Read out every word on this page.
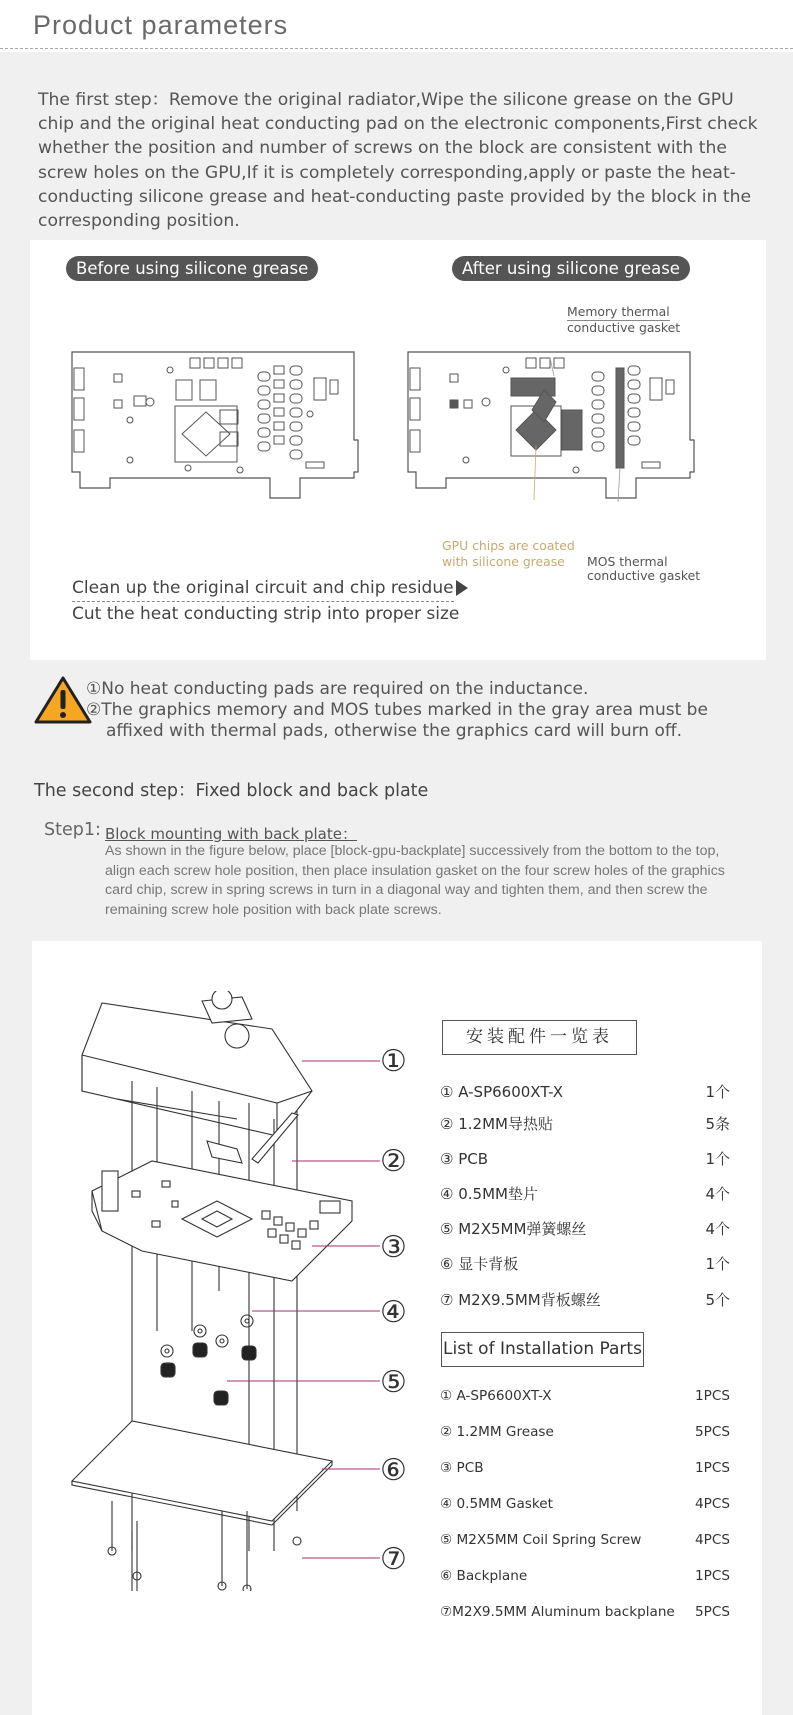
Product parameters
The first step：Remove the original radiator,Wipe the silicone grease on the GPU chip and the original heat conducting pad on the electronic components,First check whether the position and number of screws on the block are consistent with the screw holes on the GPU,If it is completely corresponding,apply or paste the heat-conducting silicone grease and heat-conducting paste provided by the block in the corresponding position.
Before using silicone grease	After using silicone grease
Memory thermal
conductive gasket
GPU chips are coated
with silicone grease MOS thermal
conductive gasket
Clean up the original circuit and chip residue
Cut the heat conducting strip into proper size
①No heat conducting pads are required on the inductance.
②The graphics memory and MOS tubes marked in the gray area must be
affixed with thermal pads, otherwise the graphics card will burn off.
The second step：Fixed block and back plate
Step1: Block mounting with back plate：
As shown in the figure below, place [block-gpu-backplate] successively from the bottom to the top, align each screw hole position, then place insulation gasket on the four screw holes of the graphics card chip, screw in spring screws in turn in a diagonal way and tighten them, and then screw the remaining screw hole position with back plate screws.
①
②
③
④
⑤
⑥
⑦
安装配件一览表
① A-SP6600XT-X	1个
② 1.2MM导热贴	5条
③ PCB	1个
④ 0.5MM垫片	4个
⑤ M2X5MM弹簧螺丝	4个
⑥ 显卡背板	1个
⑦ M2X9.5MM背板螺丝	5个
List of Installation Parts
① A-SP6600XT-X	1PCS
② 1.2MM Grease	5PCS
③ PCB	1PCS
④ 0.5MM Gasket	4PCS
⑤ M2X5MM Coil Spring Screw	4PCS
⑥ Backplane	1PCS
⑦M2X9.5MM Aluminum backplane 5PCS
